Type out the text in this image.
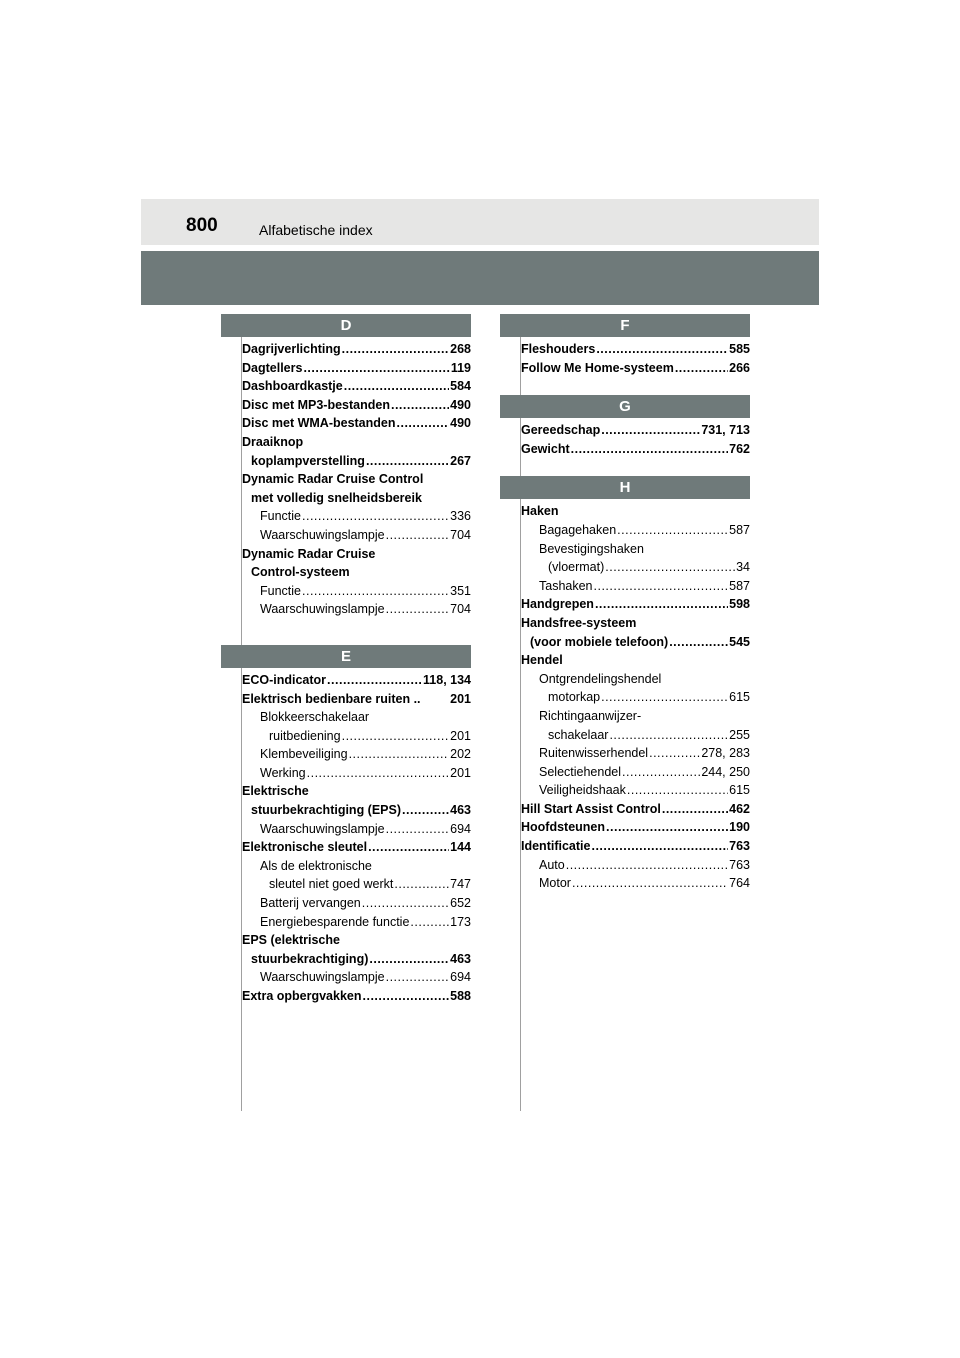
800	Alfabetische index
D
Dagrijverlichting .....	268
Dagtellers .....	119
Dashboardkastje .....	584
Disc met MP3-bestanden .....	490
Disc met WMA-bestanden .....	490
Draaiknop
koplampverstelling .....	267
Dynamic Radar Cruise Control
met volledig snelheidsbereik
Functie .....	336
Waarschuwingslampje .....	704
Dynamic Radar Cruise
Control-systeem
Functie .....	351
Waarschuwingslampje .....	704
E
ECO-indicator .....	118, 134
Elektrisch bedienbare ruiten .. 201
Blokkeerschakelaar
ruitbediening .....	201
Klembeveiliging .....	202
Werking .....	201
Elektrische
stuurbekrachtiging (EPS) .....	463
Waarschuwingslampje .....	694
Elektronische sleutel .....	144
Als de elektronische
sleutel niet goed werkt .....	747
Batterij vervangen .....	652
Energiebesparende functie .....	173
EPS (elektrische
stuurbekrachtiging) .....	463
Waarschuwingslampje .....	694
Extra opbergvakken .....	588
F
Fleshouders .....	585
Follow Me Home-systeem .....	266
G
Gereedschap .....	731, 713
Gewicht .....	762
H
Haken
Bagagehaken .....	587
Bevestigingshaken
(vloermat) .....	34
Tashaken .....	587
Handgrepen .....	598
Handsfree-systeem
(voor mobiele telefoon) .....	545
Hendel
Ontgrendelingshendel
motorkap .....	615
Richtingaanwijzer-
schakelaar .....	255
Ruitenwisserhendel .....	278, 283
Selectiehendel .....	244, 250
Veiligheidshaak .....	615
Hill Start Assist Control .....	462
Hoofdsteunen .....	190
Identificatie .....	763
Auto .....	763
Motor .....	764
